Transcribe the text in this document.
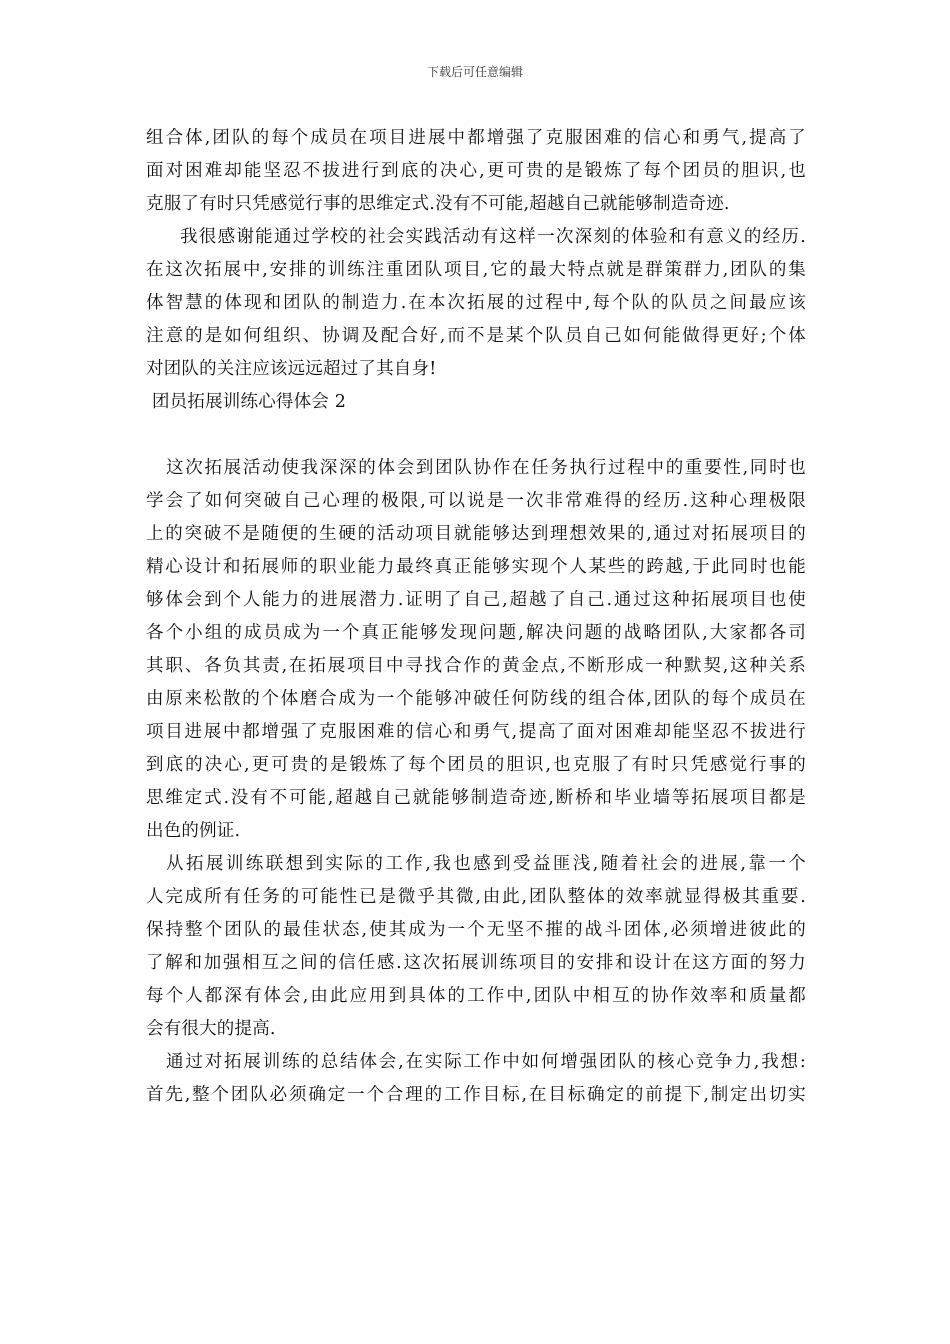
下载后可任意编辑
组合体,团队的每个成员在项目进展中都增强了克服困难的信心和勇气,提高了
面对困难却能坚忍不拔进行到底的决心,更可贵的是锻炼了每个团员的胆识,也
克服了有时只凭感觉行事的思维定式.没有不可能,超越自己就能够制造奇迹.
我很感谢能通过学校的社会实践活动有这样一次深刻的体验和有意义的经历.
在这次拓展中,安排的训练注重团队项目,它的最大特点就是群策群力,团队的集
体智慧的体现和团队的制造力.在本次拓展的过程中,每个队的队员之间最应该
注意的是如何组织、协调及配合好,而不是某个队员自己如何能做得更好;个体
对团队的关注应该远远超过了其自身!
团员拓展训练心得体会 2
这次拓展活动使我深深的体会到团队协作在任务执行过程中的重要性,同时也
学会了如何突破自己心理的极限,可以说是一次非常难得的经历.这种心理极限
上的突破不是随便的生硬的活动项目就能够达到理想效果的,通过对拓展项目的
精心设计和拓展师的职业能力最终真正能够实现个人某些的跨越,于此同时也能
够体会到个人能力的进展潜力.证明了自己,超越了自己.通过这种拓展项目也使
各个小组的成员成为一个真正能够发现问题,解决问题的战略团队,大家都各司
其职、各负其责,在拓展项目中寻找合作的黄金点,不断形成一种默契,这种关系
由原来松散的个体磨合成为一个能够冲破任何防线的组合体,团队的每个成员在
项目进展中都增强了克服困难的信心和勇气,提高了面对困难却能坚忍不拔进行
到底的决心,更可贵的是锻炼了每个团员的胆识,也克服了有时只凭感觉行事的
思维定式.没有不可能,超越自己就能够制造奇迹,断桥和毕业墙等拓展项目都是
出色的例证.
从拓展训练联想到实际的工作,我也感到受益匪浅,随着社会的进展,靠一个
人完成所有任务的可能性已是微乎其微,由此,团队整体的效率就显得极其重要.
保持整个团队的最佳状态,使其成为一个无坚不摧的战斗团体,必须增进彼此的
了解和加强相互之间的信任感.这次拓展训练项目的安排和设计在这方面的努力
每个人都深有体会,由此应用到具体的工作中,团队中相互的协作效率和质量都
会有很大的提高.
通过对拓展训练的总结体会,在实际工作中如何增强团队的核心竞争力,我想:
首先,整个团队必须确定一个合理的工作目标,在目标确定的前提下,制定出切实
